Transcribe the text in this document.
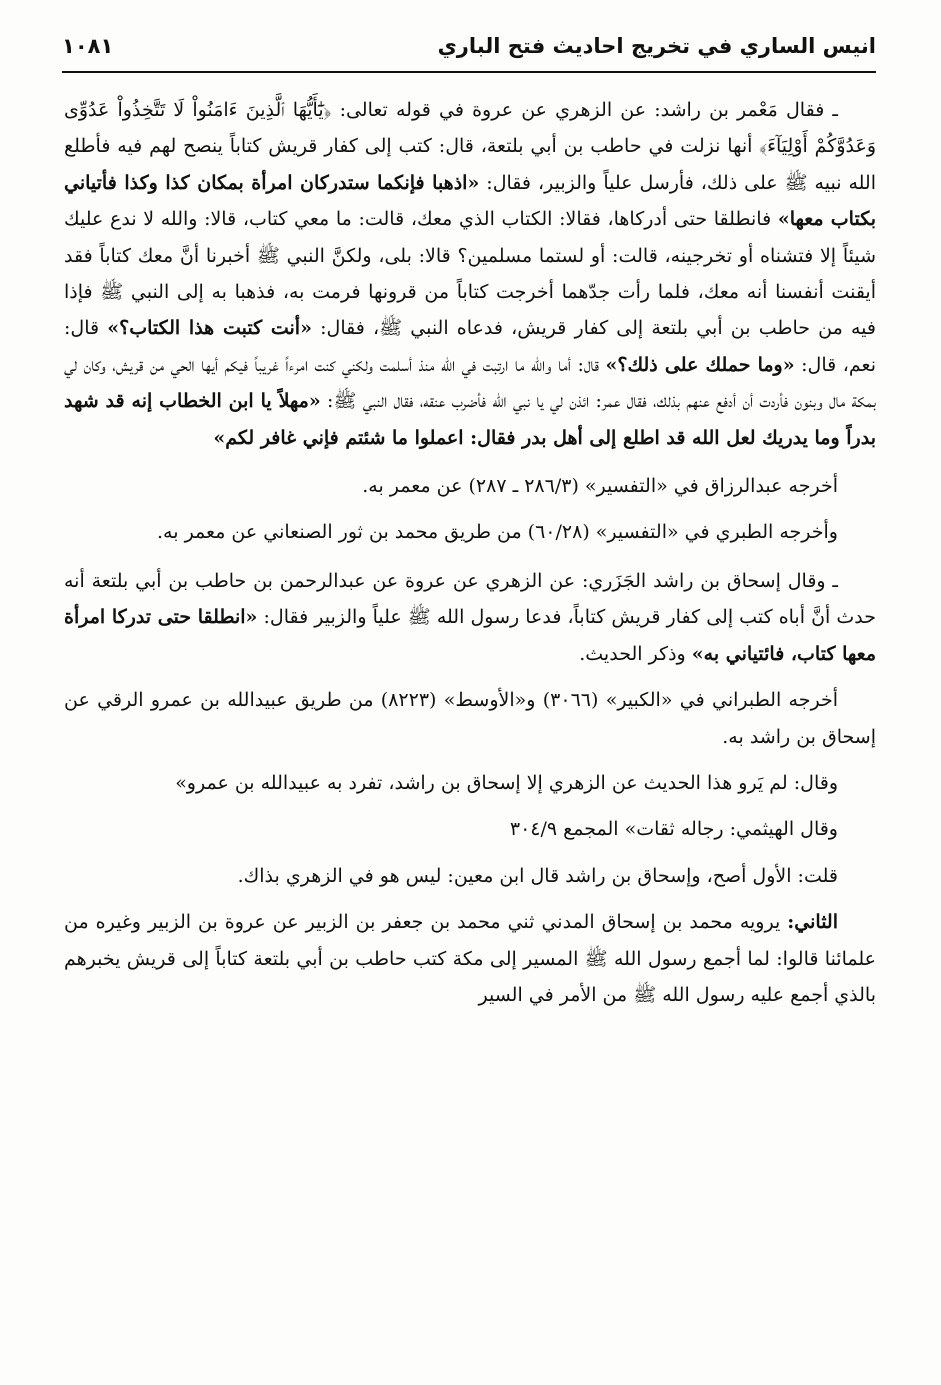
انيس الساري في تخريج احاديث فتح الباري
١٠٨١

ـ فقال مَعْمر بن راشد: عن الزهري عن عروة في قوله تعالى: ﴿يَٰٓأَيُّهَا ٱلَّذِينَ ءَامَنُواْ لَا تَتَّخِذُواْ عَدُوِّى وَعَدُوَّكُمْ أَوْلِيَآءَ﴾ أنها نزلت في حاطب بن أبي بلتعة، قال: كتب إلى كفار قريش كتاباً ينصح لهم فيه فأطلع الله نبيه ﷺ على ذلك، فأرسل علياً والزبير، فقال: «اذهبا فإنكما ستدركان امرأة بمكان كذا وكذا فأتياني بكتاب معها» فانطلقا حتى أدركاها، فقالا: الكتاب الذي معك، قالت: ما معي كتاب، قالا: والله لا ندع عليك شيئاً إلا فتشناه أو تخرجينه، قالت: أو لستما مسلمين؟ قالا: بلى، ولكنَّ النبي ﷺ أخبرنا أنَّ معك كتاباً فقد أيقنت أنفسنا أنه معك، فلما رأت جدّهما أخرجت كتاباً من قرونها فرمت به، فذهبا به إلى النبي ﷺ فإذا فيه من حاطب بن أبي بلتعة إلى كفار قريش، فدعاه النبي ﷺ، فقال: «أنت كتبت هذا الكتاب؟» قال: نعم، قال: «وما حملك على ذلك؟» قال: أما والله ما ارتبت في الله منذ أسلمت ولكني كنت امرءاً غريباً فيكم أيها الحي من قريش، وكان لي بمكة مال وبنون فأردت أن أدفع عنهم بذلك، فقال عمر: ائذن لي يا نبي الله فأضرب عنقه، فقال النبي ﷺ: «مهلاً يا ابن الخطاب إنه قد شهد بدراً وما يدريك لعل الله قد اطلع إلى أهل بدر فقال: اعملوا ما شئتم فإني غافر لكم»

أخرجه عبدالرزاق في «التفسير» (٢٨٦/٣ ـ ٢٨٧) عن معمر به.

وأخرجه الطبري في «التفسير» (٦٠/٢٨) من طريق محمد بن ثور الصنعاني عن معمر به.

ـ وقال إسحاق بن راشد الجَزَري: عن الزهري عن عروة عن عبدالرحمن بن حاطب بن أبي بلتعة أنه حدث أنَّ أباه كتب إلى كفار قريش كتاباً، فدعا رسول الله ﷺ علياً والزبير فقال: «انطلقا حتى تدركا امرأة معها كتاب، فائتياني به» وذكر الحديث.

أخرجه الطبراني في «الكبير» (٣٠٦٦) و«الأوسط» (٨٢٢٣) من طريق عبيدالله بن عمرو الرقي عن إسحاق بن راشد به.

وقال: لم يَرو هذا الحديث عن الزهري إلا إسحاق بن راشد، تفرد به عبيدالله بن عمرو»

وقال الهيثمي: رجاله ثقات» المجمع ٣٠٤/٩

قلت: الأول أصح، وإسحاق بن راشد قال ابن معين: ليس هو في الزهري بذاك.

الثاني: يرويه محمد بن إسحاق المدني ثني محمد بن جعفر بن الزبير عن عروة بن الزبير وغيره من علمائنا قالوا: لما أجمع رسول الله ﷺ المسير إلى مكة كتب حاطب بن أبي بلتعة كتاباً إلى قريش يخبرهم بالذي أجمع عليه رسول الله ﷺ من الأمر في السير
